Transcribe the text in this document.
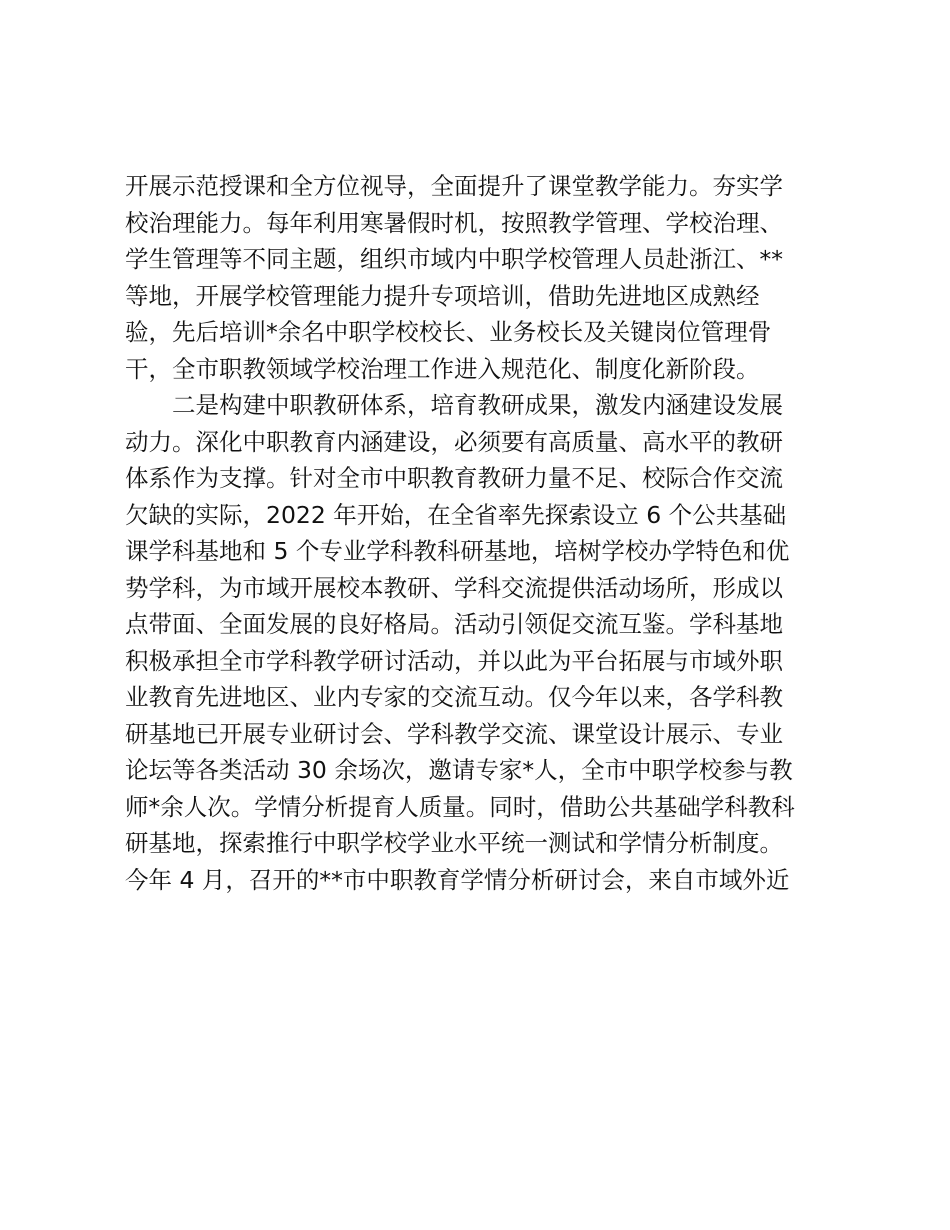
开展示范授课和全方位视导，全面提升了课堂教学能力。夯实学
校治理能力。每年利用寒暑假时机，按照教学管理、学校治理、
学生管理等不同主题，组织市域内中职学校管理人员赴浙江、**
等地，开展学校管理能力提升专项培训，借助先进地区成熟经
验，先后培训*余名中职学校校长、业务校长及关键岗位管理骨
干，全市职教领域学校治理工作进入规范化、制度化新阶段。
　　二是构建中职教研体系，培育教研成果，激发内涵建设发展
动力。深化中职教育内涵建设，必须要有高质量、高水平的教研
体系作为支撑。针对全市中职教育教研力量不足、校际合作交流
欠缺的实际，2022 年开始，在全省率先探索设立 6 个公共基础
课学科基地和 5 个专业学科教科研基地，培树学校办学特色和优
势学科，为市域开展校本教研、学科交流提供活动场所，形成以
点带面、全面发展的良好格局。活动引领促交流互鉴。学科基地
积极承担全市学科教学研讨活动，并以此为平台拓展与市域外职
业教育先进地区、业内专家的交流互动。仅今年以来，各学科教
研基地已开展专业研讨会、学科教学交流、课堂设计展示、专业
论坛等各类活动 30 余场次，邀请专家*人，全市中职学校参与教
师*余人次。学情分析提育人质量。同时，借助公共基础学科教科
研基地，探索推行中职学校学业水平统一测试和学情分析制度。
今年 4 月，召开的**市中职教育学情分析研讨会，来自市域外近
